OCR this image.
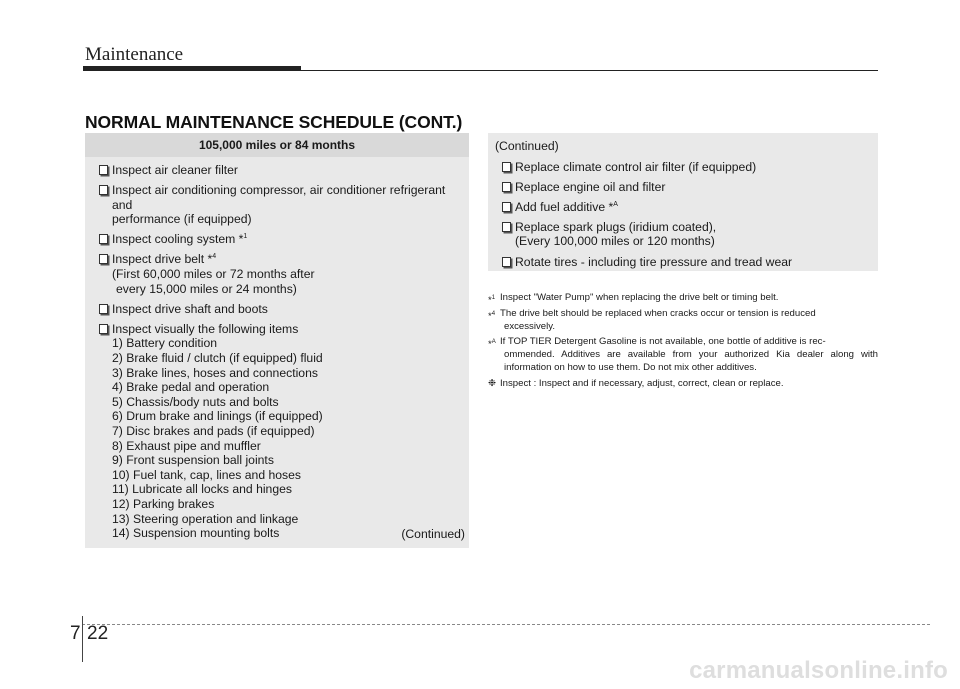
Maintenance
NORMAL MAINTENANCE SCHEDULE (CONT.)
105,000 miles or 84 months
Inspect air cleaner filter
Inspect air conditioning compressor, air conditioner refrigerant and
performance (if equipped)
Inspect cooling system *$^1$
Inspect drive belt *$^4$
(First 60,000 miles or 72 months after
every 15,000 miles or 24 months)
Inspect drive shaft and boots
Inspect visually the following items
1) Battery condition
2) Brake fluid / clutch (if equipped) fluid
3) Brake lines, hoses and connections
4) Brake pedal and operation
5) Chassis/body nuts and bolts
6) Drum brake and linings (if equipped)
7) Disc brakes and pads (if equipped)
8) Exhaust pipe and muffler
9) Front suspension ball joints
10) Fuel tank, cap, lines and hoses
11) Lubricate all locks and hinges
12) Parking brakes
13) Steering operation and linkage
14) Suspension mounting bolts	(Continued)
(Continued)
Replace climate control air filter (if equipped)
Replace engine oil and filter
Add fuel additive *$^A$
Replace spark plugs (iridium coated),
(Every 100,000 miles or 120 months)
Rotate tires - including tire pressure and tread wear
*$^1$ Inspect "Water Pump" when replacing the drive belt or timing belt.
*$^4$ The drive belt should be replaced when cracks occur or tension is reduced
excessively.
*$^A$ If TOP TIER Detergent Gasoline is not available, one bottle of additive is rec-
ommended. Additives are available from your authorized Kia dealer along with information on how to use them. Do not mix other additives.
❉ Inspect : Inspect and if necessary, adjust, correct, clean or replace.
7 22
carmanualsonline.info
